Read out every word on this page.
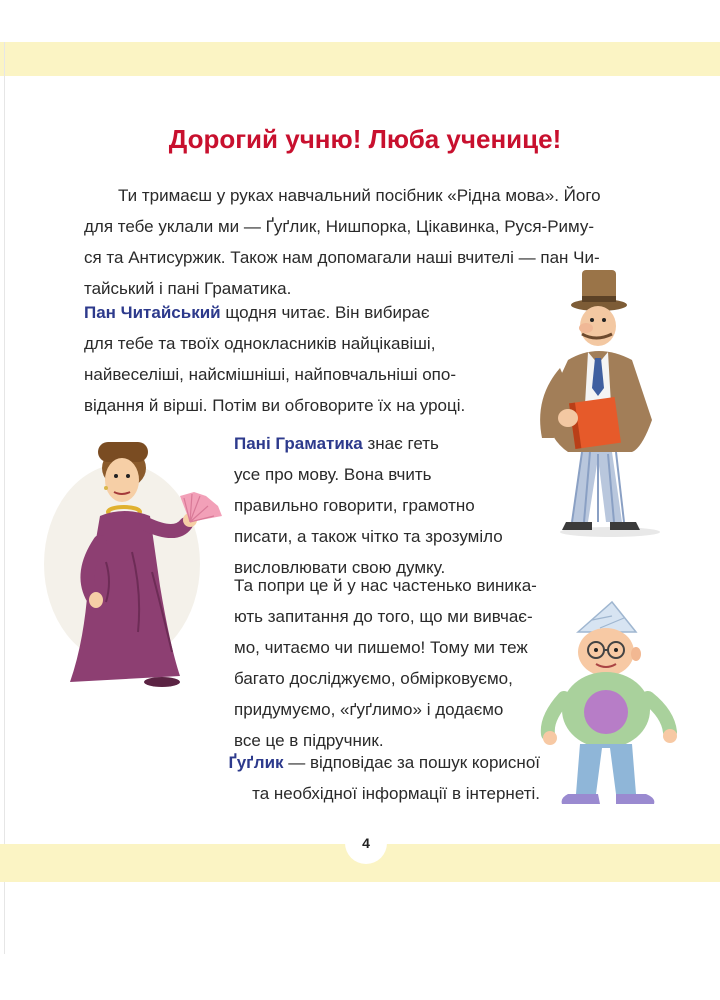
Дорогий учню! Люба ученице!

Ти тримаєш у руках навчальний посібник «Рідна мова». Його
для тебе уклали ми — Ґуґлик, Нишпорка, Цікавинка, Руся-Риму-
ся та Антисуржик. Також нам допомагали наші вчителі — пан Чи-
тайський і пані Граматика.

Пан Читайський щодня читає. Він вибирає
для тебе та твоїх однокласників найцікавіші,
найвеселіші, найсмішніші, найповчальніші опо-
відання й вірші. Потім ви обговорите їх на уроці.

Пані Граматика знає геть
усе про мову. Вона вчить
правильно говорити, грамотно
писати, а також чітко та зрозуміло
висловлювати свою думку.

Та попри це й у нас частенько виника-
ють запитання до того, що ми вивчає-
мо, читаємо чи пишемо! Тому ми теж
багато досліджуємо, обмірковуємо,
придумуємо, «ґуґлимо» і додаємо
все це в підручник.

Ґуґлик — відповідає за пошук корисної
та необхідної інформації в інтернеті.

4
